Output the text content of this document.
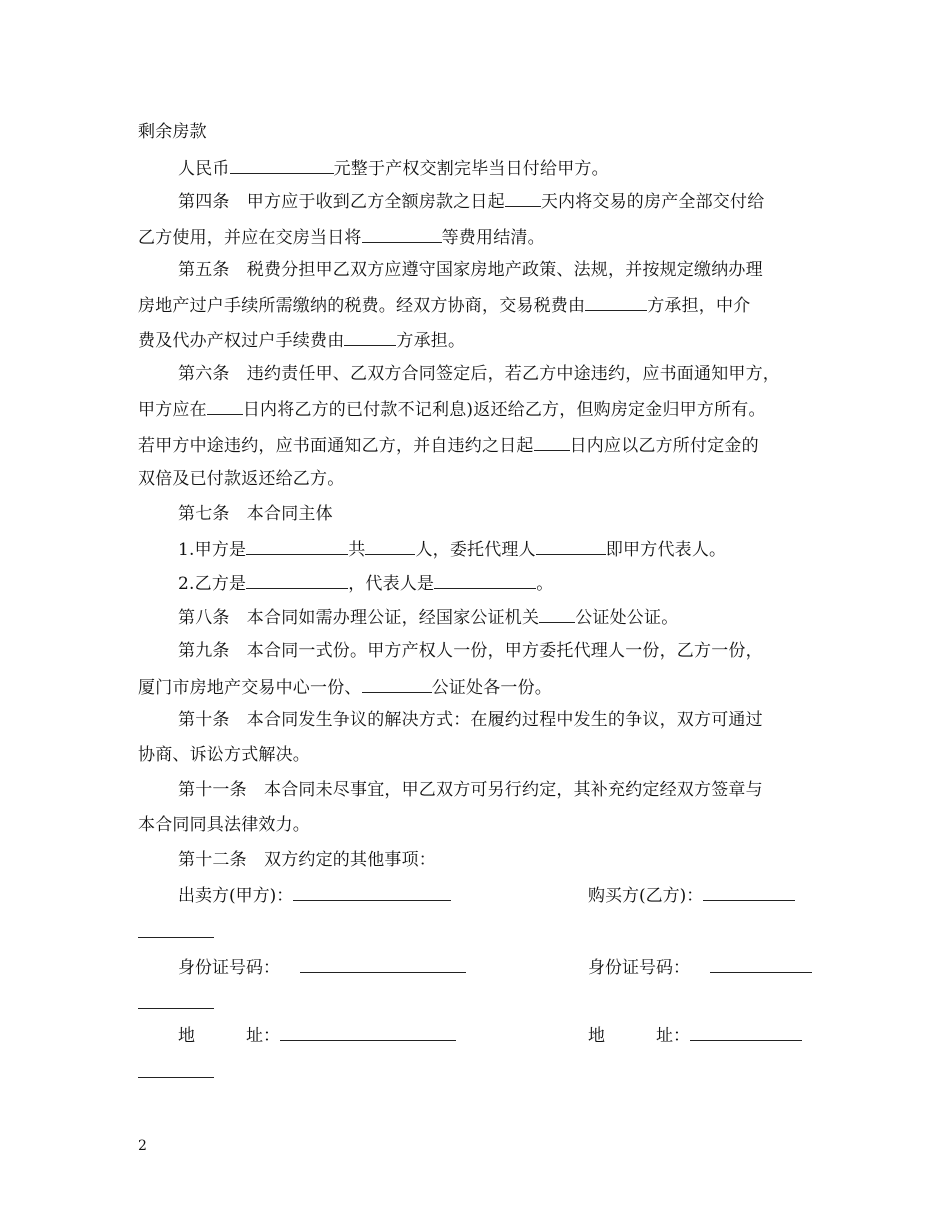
剩余房款
人民币	元整于产权交割完毕当日付给甲方。
第四条　甲方应于收到乙方全额房款之日起 天内将交易的房产全部交付给
乙方使用，并应在交房当日将	等费用结清。
第五条　税费分担甲乙双方应遵守国家房地产政策、法规，并按规定缴纳办理
房地产过户手续所需缴纳的税费。经双方协商，交易税费由	方承担，中介
费及代办产权过户手续费由	方承担。
第六条　违约责任甲、乙双方合同签定后，若乙方中途违约，应书面通知甲方，
甲方应在 日内将乙方的已付款不记利息)返还给乙方，但购房定金归甲方所有。
若甲方中途违约，应书面通知乙方，并自违约之日起 日内应以乙方所付定金的
双倍及已付款返还给乙方。
第七条　本合同主体
1.甲方是	共	人，委托代理人	即甲方代表人。
2.乙方是	，代表人是	。
第八条　本合同如需办理公证，经国家公证机关 公证处公证。
第九条　本合同一式份。甲方产权人一份，甲方委托代理人一份，乙方一份，
厦门市房地产交易中心一份、	公证处各一份。
第十条　本合同发生争议的解决方式：在履约过程中发生的争议，双方可通过
协商、诉讼方式解决。
第十一条　本合同未尽事宜，甲乙双方可另行约定，其补充约定经双方签章与
本合同同具法律效力。
第十二条　双方约定的其他事项：
出卖方(甲方)：	购买方(乙方)：
身份证号码：	身份证号码：
地　　　址：	地　　　址：
2
